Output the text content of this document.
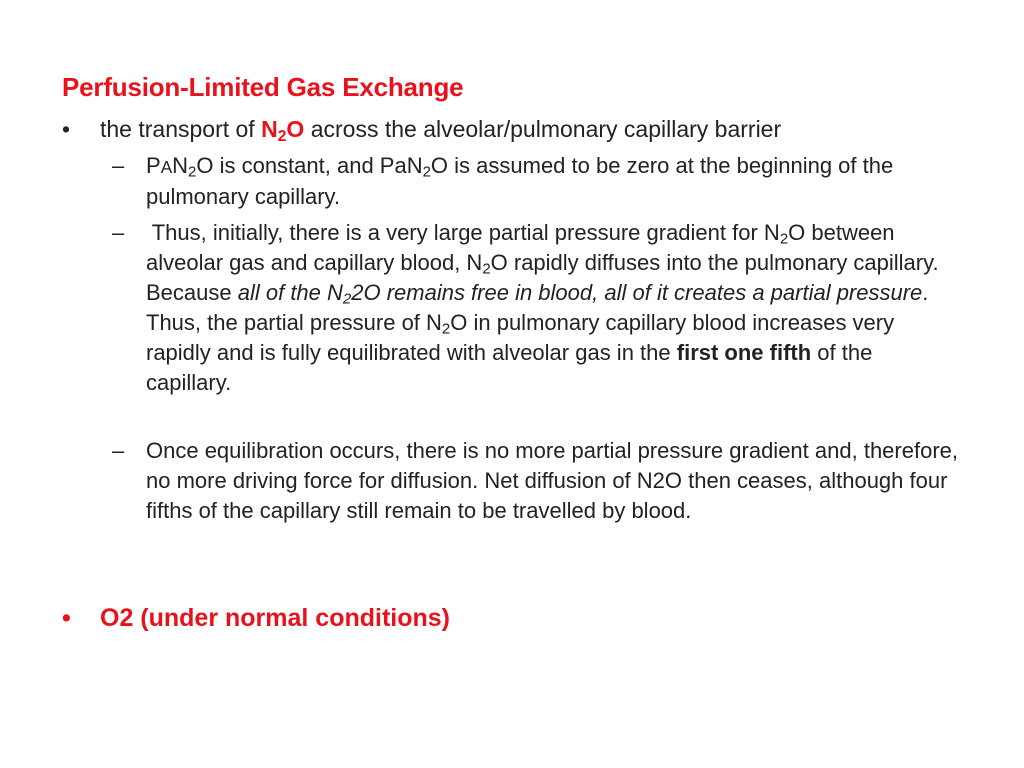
Perfusion-Limited Gas Exchange
• the transport of $N_2O$ across the alveolar/pulmonary capillary barrier
– $PAN_2O$ is constant, and PaN$_2$O is assumed to be zero at the beginning of the pulmonary capillary.
– Thus, initially, there is a very large partial pressure gradient for $N_2O$ between alveolar gas and capillary blood, $N_2O$ rapidly diffuses into the pulmonary capillary. Because all of the $N_22O$ remains free in blood, all of it creates a partial pressure. Thus, the partial pressure of $N_2O$ in pulmonary capillary blood increases very rapidly and is fully equilibrated with alveolar gas in the first one fifth of the capillary.
– Once equilibration occurs, there is no more partial pressure gradient and, therefore, no more driving force for diffusion. Net diffusion of N2O then ceases, although four fifths of the capillary still remain to be travelled by blood.
• O2 (under normal conditions)
